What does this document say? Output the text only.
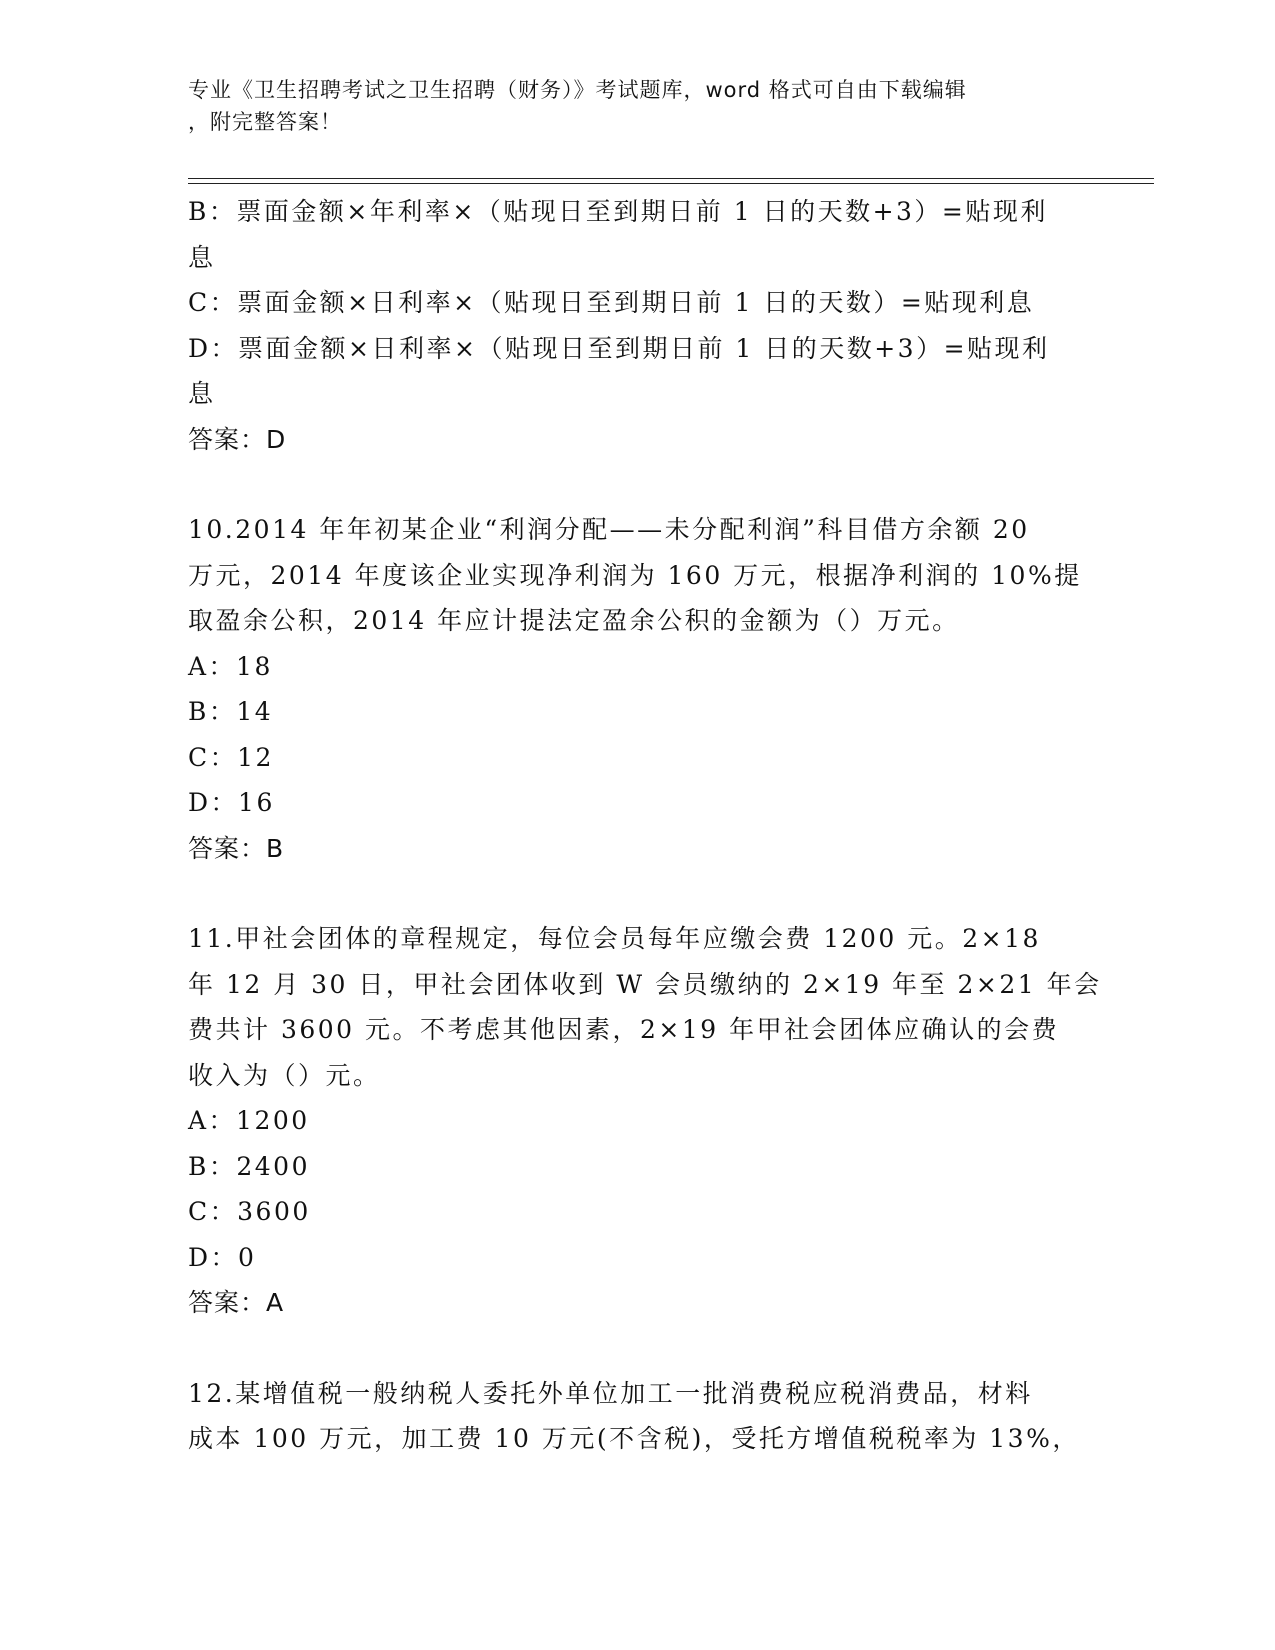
专业《卫生招聘考试之卫生招聘（财务）》考试题库，word 格式可自由下载编辑
，附完整答案！
B：票面金额×年利率×（贴现日至到期日前 1 日的天数+3）=贴现利
息
C：票面金额×日利率×（贴现日至到期日前 1 日的天数）=贴现利息
D：票面金额×日利率×（贴现日至到期日前 1 日的天数+3）=贴现利
息
答案：D
10.2014 年年初某企业“利润分配——未分配利润”科目借方余额 20
万元，2014 年度该企业实现净利润为 160 万元，根据净利润的 10%提
取盈余公积，2014 年应计提法定盈余公积的金额为（）万元。
A：18
B：14
C：12
D：16
答案：B
11.甲社会团体的章程规定，每位会员每年应缴会费 1200 元。2×18
年 12 月 30 日，甲社会团体收到 W 会员缴纳的 2×19 年至 2×21 年会
费共计 3600 元。不考虑其他因素，2×19 年甲社会团体应确认的会费
收入为（）元。
A：1200
B：2400
C：3600
D：0
答案：A
12.某增值税一般纳税人委托外单位加工一批消费税应税消费品，材料
成本 100 万元，加工费 10 万元(不含税)，受托方增值税税率为 13%，
